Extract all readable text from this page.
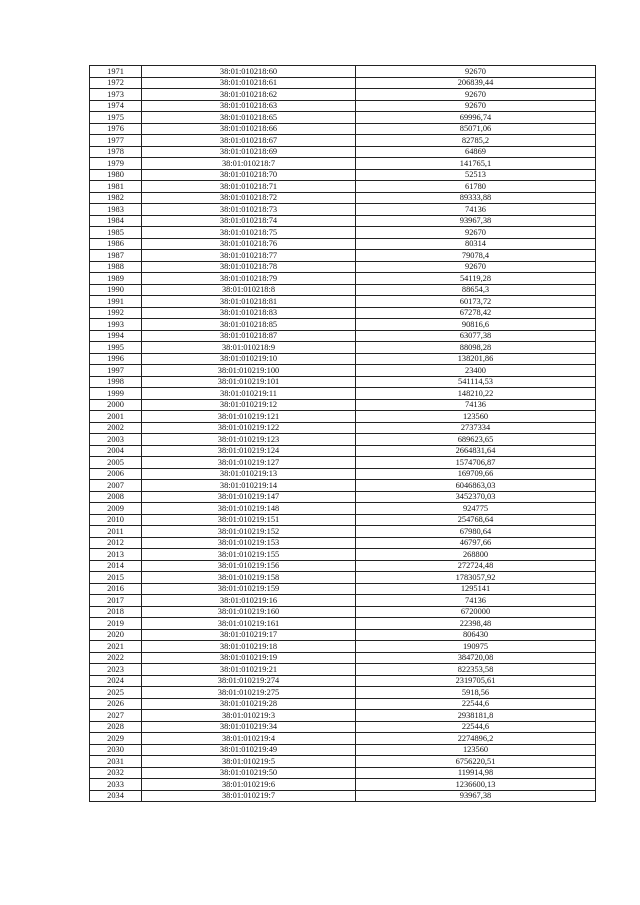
1971	38:01:010218:60	92670
1972	38:01:010218:61	206839,44
1973	38:01:010218:62	92670
1974	38:01:010218:63	92670
1975	38:01:010218:65	69996,74
1976	38:01:010218:66	85071,06
1977	38:01:010218:67	82785,2
1978	38:01:010218:69	64869
1979	38:01:010218:7	141765,1
1980	38:01:010218:70	52513
1981	38:01:010218:71	61780
1982	38:01:010218:72	89333,88
1983	38:01:010218:73	74136
1984	38:01:010218:74	93967,38
1985	38:01:010218:75	92670
1986	38:01:010218:76	80314
1987	38:01:010218:77	79078,4
1988	38:01:010218:78	92670
1989	38:01:010218:79	54119,28
1990	38:01:010218:8	88654,3
1991	38:01:010218:81	60173,72
1992	38:01:010218:83	67278,42
1993	38:01:010218:85	90816,6
1994	38:01:010218:87	63077,38
1995	38:01:010218:9	88098,28
1996	38:01:010219:10	138201,86
1997	38:01:010219:100	23400
1998	38:01:010219:101	541114,53
1999	38:01:010219:11	148210,22
2000	38:01:010219:12	74136
2001	38:01:010219:121	123560
2002	38:01:010219:122	2737334
2003	38:01:010219:123	689623,65
2004	38:01:010219:124	2664831,64
2005	38:01:010219:127	1574706,87
2006	38:01:010219:13	169709,66
2007	38:01:010219:14	6046863,03
2008	38:01:010219:147	3452370,03
2009	38:01:010219:148	924775
2010	38:01:010219:151	254768,64
2011	38:01:010219:152	67980,64
2012	38:01:010219:153	46797,66
2013	38:01:010219:155	268800
2014	38:01:010219:156	272724,48
2015	38:01:010219:158	1783057,92
2016	38:01:010219:159	1295141
2017	38:01:010219:16	74136
2018	38:01:010219:160	6720000
2019	38:01:010219:161	22398,48
2020	38:01:010219:17	806430
2021	38:01:010219:18	190975
2022	38:01:010219:19	384720,08
2023	38:01:010219:21	822353,58
2024	38:01:010219:274	2319705,61
2025	38:01:010219:275	5918,56
2026	38:01:010219:28	22544,6
2027	38:01:010219:3	2938181,8
2028	38:01:010219:34	22544,6
2029	38:01:010219:4	2274896,2
2030	38:01:010219:49	123560
2031	38:01:010219:5	6756220,51
2032	38:01:010219:50	119914,98
2033	38:01:010219:6	1236600,13
2034	38:01:010219:7	93967,38
